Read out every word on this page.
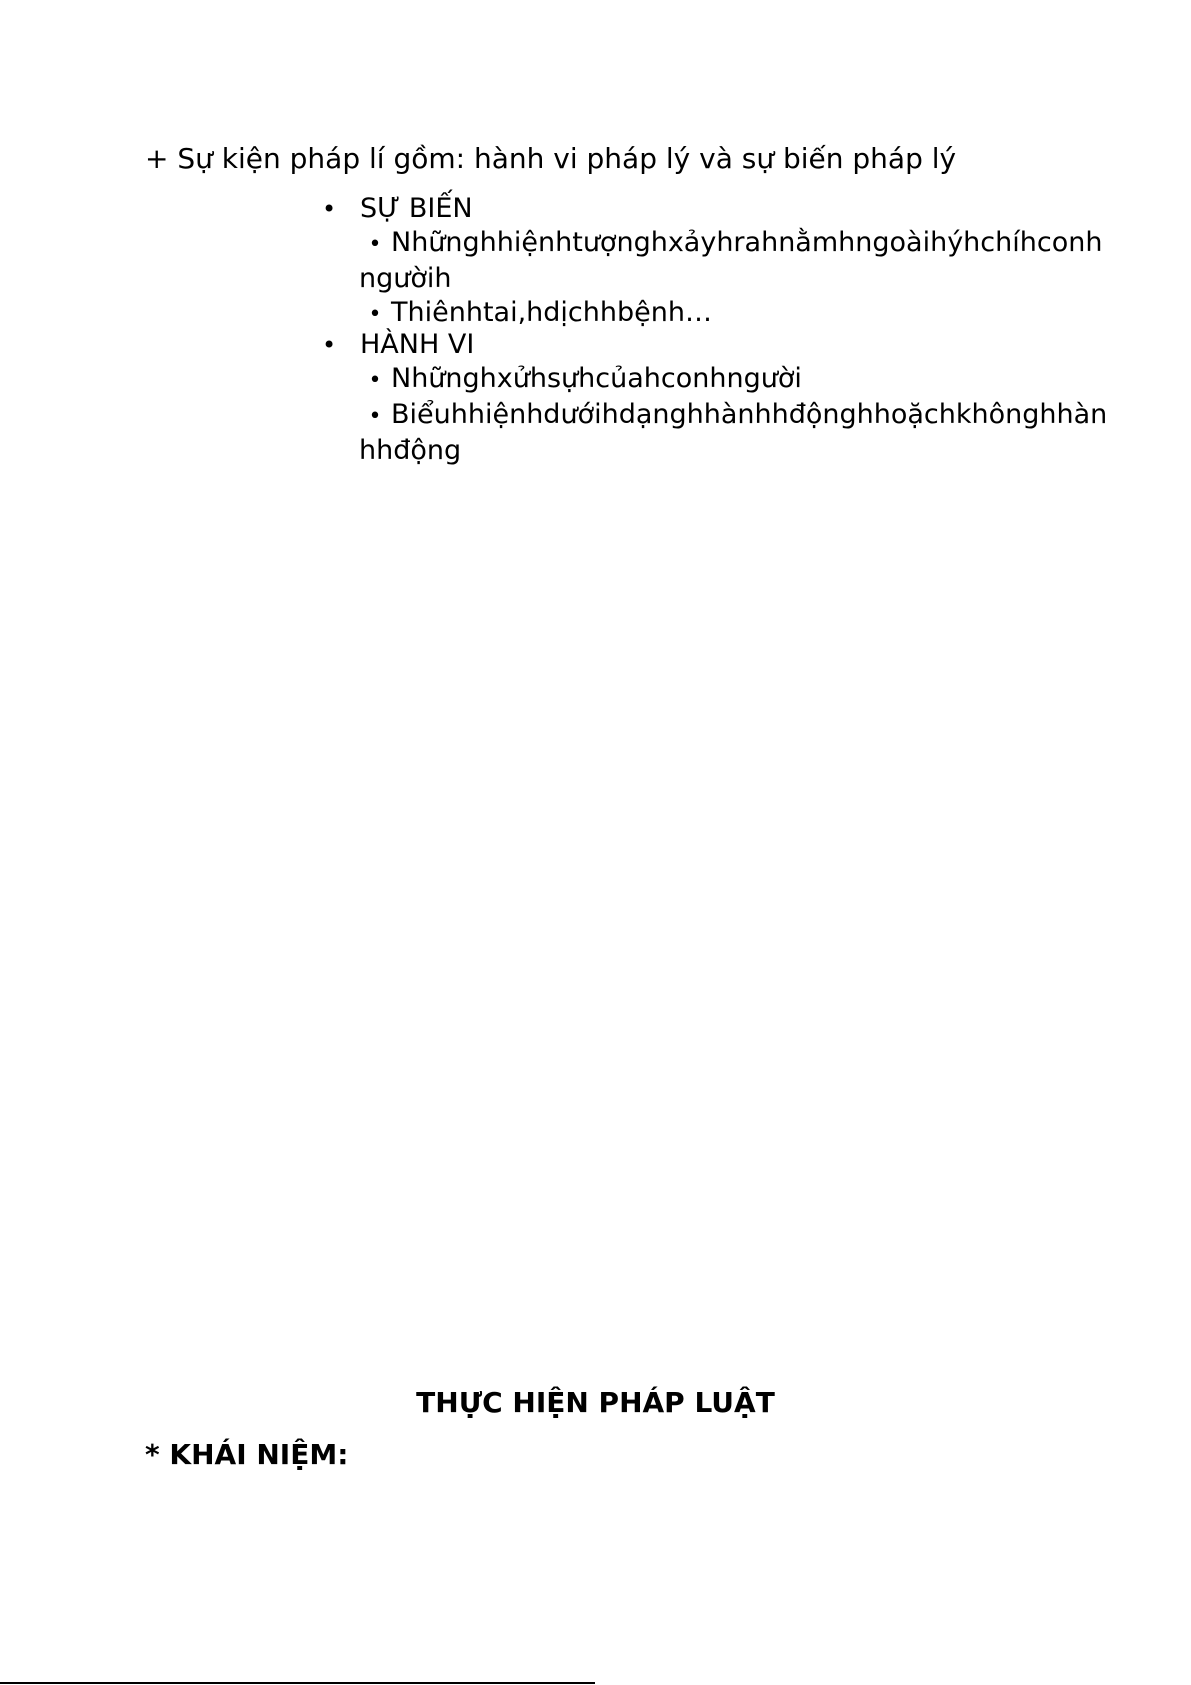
+ Sự kiện pháp lí gồm: hành vi pháp lý và sự biến pháp lý
• SỰ BIẾN
• Nhữnghhiệnhtượnghxảyhrahnằmhngoàihýhchíhconhngườih
• Thiênhtai,hdịchhbệnh…
• HÀNH VI
• Nhữnghxửhsựhcủahconhngười
• Biểuhhiệnhdướihdạnghhànhhđộnghhoặchkhônghhànhhđộng
THỰC HIỆN PHÁP LUẬT
* KHÁI NIỆM:
